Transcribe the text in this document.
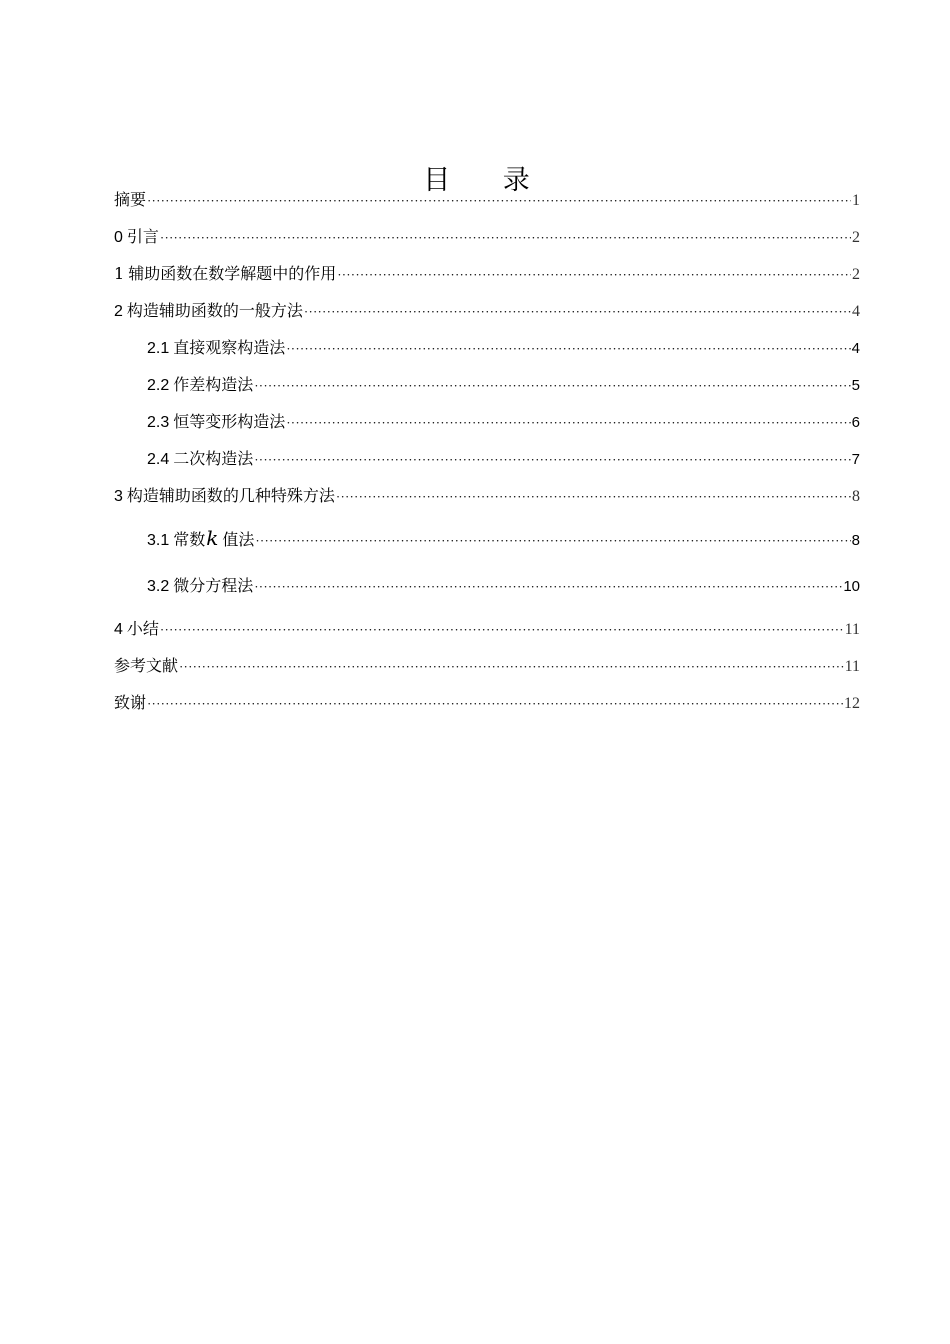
目 录
摘要 ·····	1
0 引言 ·····	2
1 辅助函数在数学解题中的作用 ·····	2
2 构造辅助函数的一般方法 ·····	4
2.1 直接观察构造法 ·····	4
2.2 作差构造法 ·····	5
2.3 恒等变形构造法 ·····	6
2.4 二次构造法 ·····	7
3 构造辅助函数的几种特殊方法 ·····	8
3.1 常数 k 值法 ·····	8
3.2 微分方程法 ·····	10
4 小结 ·····	11
参考文献 ·····	11
致谢 ·····	12
